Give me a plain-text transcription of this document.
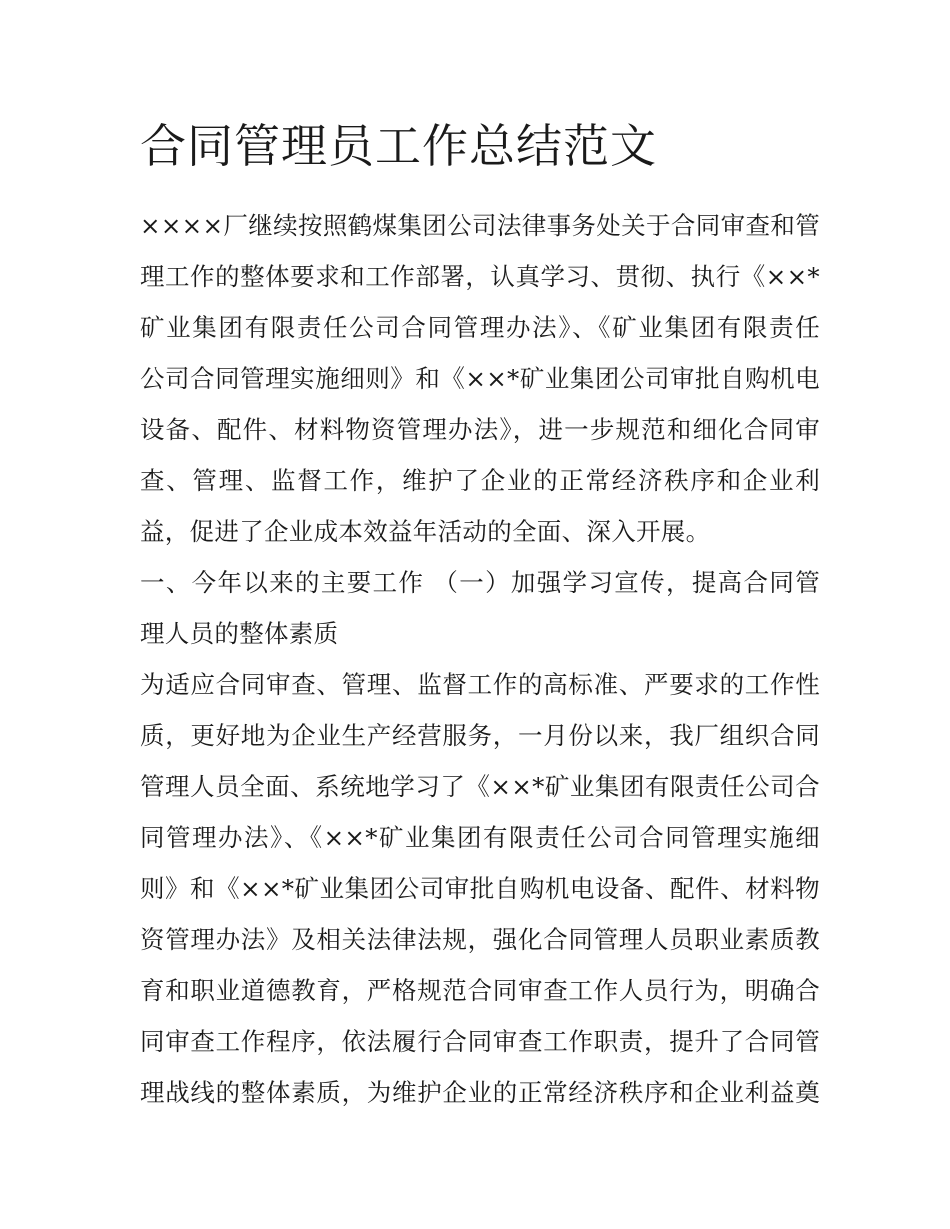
合同管理员工作总结范文
××××厂继续按照鹤煤集团公司法律事务处关于合同审查和管
理工作的整体要求和工作部署，认真学习、贯彻、执行《××*
矿业集团有限责任公司合同管理办法》、《矿业集团有限责任
公司合同管理实施细则》和《××*矿业集团公司审批自购机电
设备、配件、材料物资管理办法》，进一步规范和细化合同审
查、管理、监督工作，维护了企业的正常经济秩序和企业利
益，促进了企业成本效益年活动的全面、深入开展。
一、今年以来的主要工作 （一）加强学习宣传，提高合同管
理人员的整体素质
为适应合同审查、管理、监督工作的高标准、严要求的工作性
质，更好地为企业生产经营服务，一月份以来，我厂组织合同
管理人员全面、系统地学习了《××*矿业集团有限责任公司合
同管理办法》、《××*矿业集团有限责任公司合同管理实施细
则》和《××*矿业集团公司审批自购机电设备、配件、材料物
资管理办法》及相关法律法规，强化合同管理人员职业素质教
育和职业道德教育，严格规范合同审查工作人员行为，明确合
同审查工作程序，依法履行合同审查工作职责，提升了合同管
理战线的整体素质，为维护企业的正常经济秩序和企业利益奠
